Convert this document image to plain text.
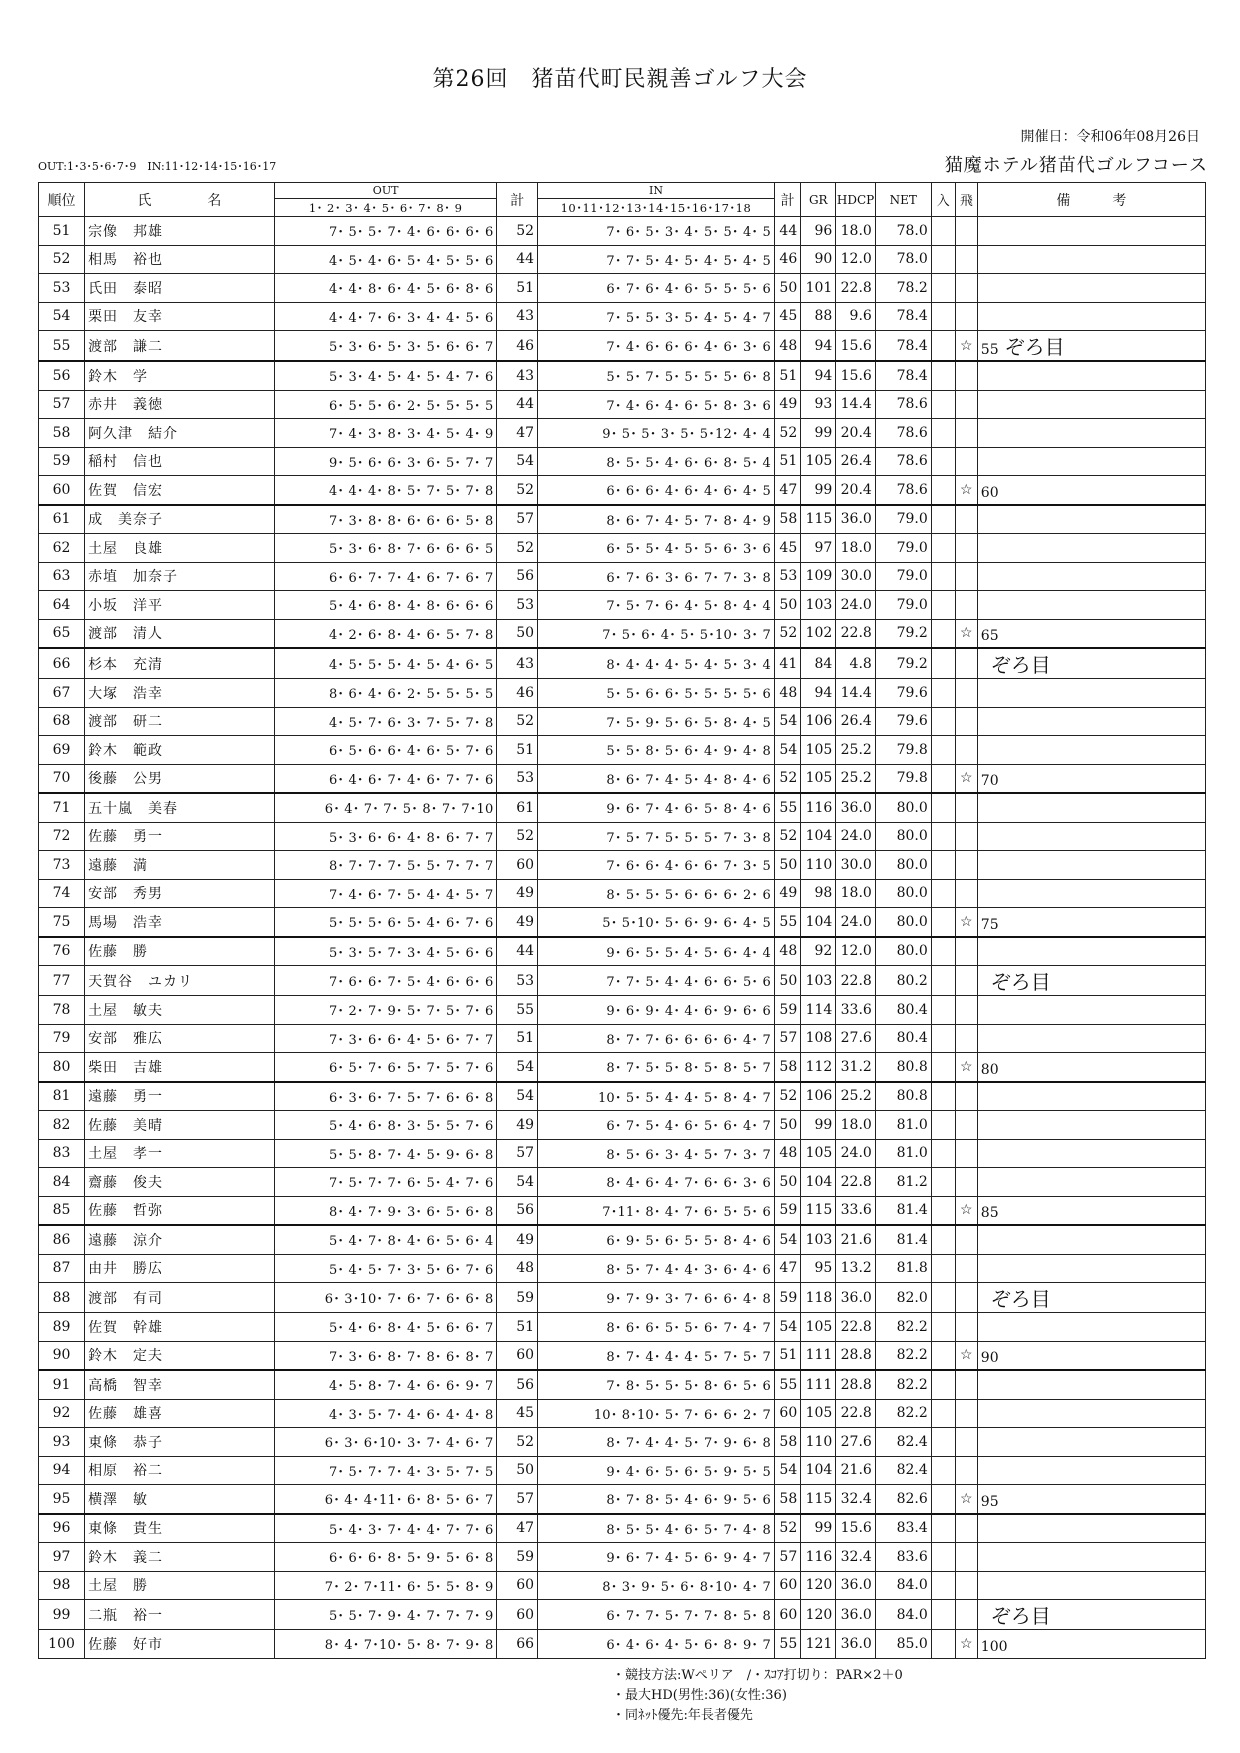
第26回　猪苗代町民親善ゴルフ大会
開催日：令和06年08月26日
猫魔ホテル猪苗代ゴルフコース
OUT:1･3･5･6･7･9　IN:11･12･14･15･16･17
順位	氏　　　　名	OUT	計	IN	計	GR	HDCP	NET	入	飛	備　　　考
		1･ 2･ 3･ 4･ 5･ 6･ 7･ 8･ 9		10･11･12･13･14･15･16･17･18							
51	宗像　邦雄	7･ 5･ 5･ 7･ 4･ 6･ 6･ 6･ 6	52	7･ 6･ 5･ 3･ 4･ 5･ 5･ 4･ 5	44	96	18.0	78.0			
52	相馬　裕也	4･ 5･ 4･ 6･ 5･ 4･ 5･ 5･ 6	44	7･ 7･ 5･ 4･ 5･ 4･ 5･ 4･ 5	46	90	12.0	78.0			
53	氏田　泰昭	4･ 4･ 8･ 6･ 4･ 5･ 6･ 8･ 6	51	6･ 7･ 6･ 4･ 6･ 5･ 5･ 5･ 6	50	101	22.8	78.2			
54	栗田　友幸	4･ 4･ 7･ 6･ 3･ 4･ 4･ 5･ 6	43	7･ 5･ 5･ 3･ 5･ 4･ 5･ 4･ 7	45	88	9.6	78.4			
55	渡部　謙二	5･ 3･ 6･ 5･ 3･ 5･ 6･ 6･ 7	46	7･ 4･ 6･ 6･ 6･ 4･ 6･ 3･ 6	48	94	15.6	78.4		☆	55 ぞろ目
56	鈴木　学	5･ 3･ 4･ 5･ 4･ 5･ 4･ 7･ 6	43	5･ 5･ 7･ 5･ 5･ 5･ 5･ 6･ 8	51	94	15.6	78.4			
57	赤井　義徳	6･ 5･ 5･ 6･ 2･ 5･ 5･ 5･ 5	44	7･ 4･ 6･ 4･ 6･ 5･ 8･ 3･ 6	49	93	14.4	78.6			
58	阿久津　結介	7･ 4･ 3･ 8･ 3･ 4･ 5･ 4･ 9	47	9･ 5･ 5･ 3･ 5･ 5･12･ 4･ 4	52	99	20.4	78.6			
59	稲村　信也	9･ 5･ 6･ 6･ 3･ 6･ 5･ 7･ 7	54	8･ 5･ 5･ 4･ 6･ 6･ 8･ 5･ 4	51	105	26.4	78.6			
60	佐賀　信宏	4･ 4･ 4･ 8･ 5･ 7･ 5･ 7･ 8	52	6･ 6･ 6･ 4･ 6･ 4･ 6･ 4･ 5	47	99	20.4	78.6		☆	60
61	成　美奈子	7･ 3･ 8･ 8･ 6･ 6･ 6･ 5･ 8	57	8･ 6･ 7･ 4･ 5･ 7･ 8･ 4･ 9	58	115	36.0	79.0			
62	土屋　良雄	5･ 3･ 6･ 8･ 7･ 6･ 6･ 6･ 5	52	6･ 5･ 5･ 4･ 5･ 5･ 6･ 3･ 6	45	97	18.0	79.0			
63	赤埴　加奈子	6･ 6･ 7･ 7･ 4･ 6･ 7･ 6･ 7	56	6･ 7･ 6･ 3･ 6･ 7･ 7･ 3･ 8	53	109	30.0	79.0			
64	小坂　洋平	5･ 4･ 6･ 8･ 4･ 8･ 6･ 6･ 6	53	7･ 5･ 7･ 6･ 4･ 5･ 8･ 4･ 4	50	103	24.0	79.0			
65	渡部　清人	4･ 2･ 6･ 8･ 4･ 6･ 5･ 7･ 8	50	7･ 5･ 6･ 4･ 5･ 5･10･ 3･ 7	52	102	22.8	79.2		☆	65
66	杉本　充清	4･ 5･ 5･ 5･ 4･ 5･ 4･ 6･ 5	43	8･ 4･ 4･ 4･ 5･ 4･ 5･ 3･ 4	41	84	4.8	79.2			ぞろ目
67	大塚　浩幸	8･ 6･ 4･ 6･ 2･ 5･ 5･ 5･ 5	46	5･ 5･ 6･ 6･ 5･ 5･ 5･ 5･ 6	48	94	14.4	79.6			
68	渡部　研二	4･ 5･ 7･ 6･ 3･ 7･ 5･ 7･ 8	52	7･ 5･ 9･ 5･ 6･ 5･ 8･ 4･ 5	54	106	26.4	79.6			
69	鈴木　範政	6･ 5･ 6･ 6･ 4･ 6･ 5･ 7･ 6	51	5･ 5･ 8･ 5･ 6･ 4･ 9･ 4･ 8	54	105	25.2	79.8			
70	後藤　公男	6･ 4･ 6･ 7･ 4･ 6･ 7･ 7･ 6	53	8･ 6･ 7･ 4･ 5･ 4･ 8･ 4･ 6	52	105	25.2	79.8		☆	70
71	五十嵐　美春	6･ 4･ 7･ 7･ 5･ 8･ 7･ 7･10	61	9･ 6･ 7･ 4･ 6･ 5･ 8･ 4･ 6	55	116	36.0	80.0			
72	佐藤　勇一	5･ 3･ 6･ 6･ 4･ 8･ 6･ 7･ 7	52	7･ 5･ 7･ 5･ 5･ 5･ 7･ 3･ 8	52	104	24.0	80.0			
73	遠藤　満	8･ 7･ 7･ 7･ 5･ 5･ 7･ 7･ 7	60	7･ 6･ 6･ 4･ 6･ 6･ 7･ 3･ 5	50	110	30.0	80.0			
74	安部　秀男	7･ 4･ 6･ 7･ 5･ 4･ 4･ 5･ 7	49	8･ 5･ 5･ 5･ 6･ 6･ 6･ 2･ 6	49	98	18.0	80.0			
75	馬場　浩幸	5･ 5･ 5･ 6･ 5･ 4･ 6･ 7･ 6	49	5･ 5･10･ 5･ 6･ 9･ 6･ 4･ 5	55	104	24.0	80.0		☆	75
76	佐藤　勝	5･ 3･ 5･ 7･ 3･ 4･ 5･ 6･ 6	44	9･ 6･ 5･ 5･ 4･ 5･ 6･ 4･ 4	48	92	12.0	80.0			
77	天賀谷　ユカリ	7･ 6･ 6･ 7･ 5･ 4･ 6･ 6･ 6	53	7･ 7･ 5･ 4･ 4･ 6･ 6･ 5･ 6	50	103	22.8	80.2			ぞろ目
78	土屋　敏夫	7･ 2･ 7･ 9･ 5･ 7･ 5･ 7･ 6	55	9･ 6･ 9･ 4･ 4･ 6･ 9･ 6･ 6	59	114	33.6	80.4			
79	安部　雅広	7･ 3･ 6･ 6･ 4･ 5･ 6･ 7･ 7	51	8･ 7･ 7･ 6･ 6･ 6･ 6･ 4･ 7	57	108	27.6	80.4			
80	柴田　吉雄	6･ 5･ 7･ 6･ 5･ 7･ 5･ 7･ 6	54	8･ 7･ 5･ 5･ 8･ 5･ 8･ 5･ 7	58	112	31.2	80.8		☆	80
81	遠藤　勇一	6･ 3･ 6･ 7･ 5･ 7･ 6･ 6･ 8	54	10･ 5･ 5･ 4･ 4･ 5･ 8･ 4･ 7	52	106	25.2	80.8			
82	佐藤　美晴	5･ 4･ 6･ 8･ 3･ 5･ 5･ 7･ 6	49	6･ 7･ 5･ 4･ 6･ 5･ 6･ 4･ 7	50	99	18.0	81.0			
83	土屋　孝一	5･ 5･ 8･ 7･ 4･ 5･ 9･ 6･ 8	57	8･ 5･ 6･ 3･ 4･ 5･ 7･ 3･ 7	48	105	24.0	81.0			
84	齋藤　俊夫	7･ 5･ 7･ 7･ 6･ 5･ 4･ 7･ 6	54	8･ 4･ 6･ 4･ 7･ 6･ 6･ 3･ 6	50	104	22.8	81.2			
85	佐藤　哲弥	8･ 4･ 7･ 9･ 3･ 6･ 5･ 6･ 8	56	7･11･ 8･ 4･ 7･ 6･ 5･ 5･ 6	59	115	33.6	81.4		☆	85
86	遠藤　涼介	5･ 4･ 7･ 8･ 4･ 6･ 5･ 6･ 4	49	6･ 9･ 5･ 6･ 5･ 5･ 8･ 4･ 6	54	103	21.6	81.4			
87	由井　勝広	5･ 4･ 5･ 7･ 3･ 5･ 6･ 7･ 6	48	8･ 5･ 7･ 4･ 4･ 3･ 6･ 4･ 6	47	95	13.2	81.8			
88	渡部　有司	6･ 3･10･ 7･ 6･ 7･ 6･ 6･ 8	59	9･ 7･ 9･ 3･ 7･ 6･ 6･ 4･ 8	59	118	36.0	82.0			ぞろ目
89	佐賀　幹雄	5･ 4･ 6･ 8･ 4･ 5･ 6･ 6･ 7	51	8･ 6･ 6･ 5･ 5･ 6･ 7･ 4･ 7	54	105	22.8	82.2			
90	鈴木　定夫	7･ 3･ 6･ 8･ 7･ 8･ 6･ 8･ 7	60	8･ 7･ 4･ 4･ 4･ 5･ 7･ 5･ 7	51	111	28.8	82.2		☆	90
91	高橋　智幸	4･ 5･ 8･ 7･ 4･ 6･ 6･ 9･ 7	56	7･ 8･ 5･ 5･ 5･ 8･ 6･ 5･ 6	55	111	28.8	82.2			
92	佐藤　雄喜	4･ 3･ 5･ 7･ 4･ 6･ 4･ 4･ 8	45	10･ 8･10･ 5･ 7･ 6･ 6･ 2･ 7	60	105	22.8	82.2			
93	東條　恭子	6･ 3･ 6･10･ 3･ 7･ 4･ 6･ 7	52	8･ 7･ 4･ 4･ 5･ 7･ 9･ 6･ 8	58	110	27.6	82.4			
94	相原　裕二	7･ 5･ 7･ 7･ 4･ 3･ 5･ 7･ 5	50	9･ 4･ 6･ 5･ 6･ 5･ 9･ 5･ 5	54	104	21.6	82.4			
95	横澤　敏	6･ 4･ 4･11･ 6･ 8･ 5･ 6･ 7	57	8･ 7･ 8･ 5･ 4･ 6･ 9･ 5･ 6	58	115	32.4	82.6		☆	95
96	東條　貴生	5･ 4･ 3･ 7･ 4･ 4･ 7･ 7･ 6	47	8･ 5･ 5･ 4･ 6･ 5･ 7･ 4･ 8	52	99	15.6	83.4			
97	鈴木　義二	6･ 6･ 6･ 8･ 5･ 9･ 5･ 6･ 8	59	9･ 6･ 7･ 4･ 5･ 6･ 9･ 4･ 7	57	116	32.4	83.6			
98	土屋　勝	7･ 2･ 7･11･ 6･ 5･ 5･ 8･ 9	60	8･ 3･ 9･ 5･ 6･ 8･10･ 4･ 7	60	120	36.0	84.0			
99	二瓶　裕一	5･ 5･ 7･ 9･ 4･ 7･ 7･ 7･ 9	60	6･ 7･ 7･ 5･ 7･ 7･ 8･ 5･ 8	60	120	36.0	84.0			ぞろ目
100	佐藤　好市	8･ 4･ 7･10･ 5･ 8･ 7･ 9･ 8	66	6･ 4･ 6･ 4･ 5･ 6･ 8･ 9･ 7	55	121	36.0	85.0		☆	100
・競技方法:Wペリア　/・ｽｺｱ打切り：PAR×2＋0
・最大HD(男性:36)(女性:36)
・同ﾈｯﾄ優先:年長者優先
